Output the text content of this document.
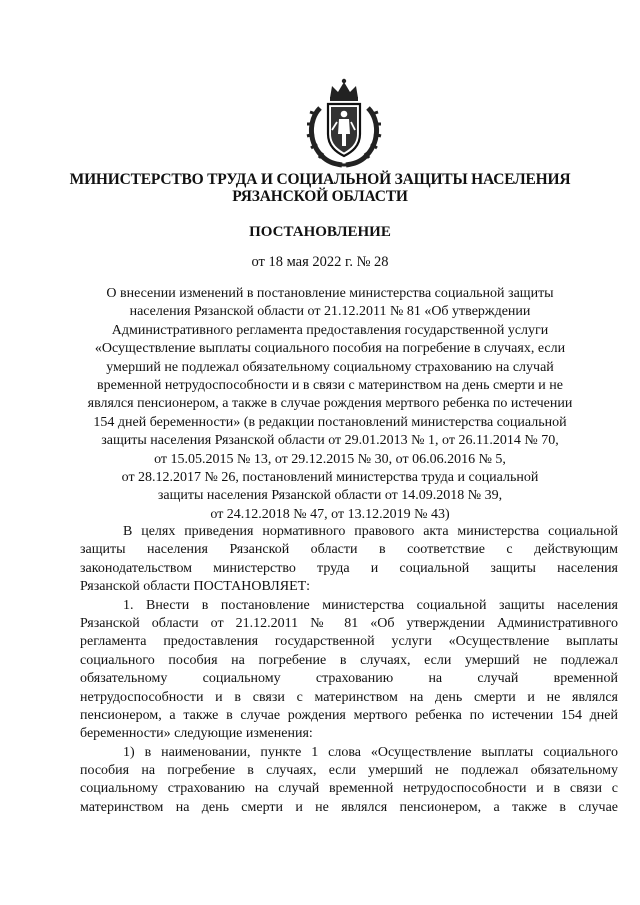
МИНИСТЕРСТВО ТРУДА И СОЦИАЛЬНОЙ ЗАЩИТЫ НАСЕЛЕНИЯ
РЯЗАНСКОЙ ОБЛАСТИ
ПОСТАНОВЛЕНИЕ
от 18 мая 2022 г. № 28
О внесении изменений в постановление министерства социальной защиты
населения Рязанской области от 21.12.2011 № 81 «Об утверждении
Административного регламента предоставления государственной услуги
«Осуществление выплаты социального пособия на погребение в случаях, если
умерший не подлежал обязательному социальному страхованию на случай
временной нетрудоспособности и в связи с материнством на день смерти и не
являлся пенсионером, а также в случае рождения мертвого ребенка по истечении
154 дней беременности» (в редакции постановлений министерства социальной
защиты населения Рязанской области от 29.01.2013 № 1, от 26.11.2014 № 70,
от 15.05.2015 № 13, от 29.12.2015 № 30, от 06.06.2016 № 5,
от 28.12.2017 № 26, постановлений министерства труда и социальной
защиты населения Рязанской области от 14.09.2018 № 39,
от 24.12.2018 № 47, от 13.12.2019 № 43)
В целях приведения нормативного правового акта министерства социальной
защиты населения Рязанской области в соответствие с действующим
законодательством министерство труда и социальной защиты населения
Рязанской области ПОСТАНОВЛЯЕТ:
1. Внести в постановление министерства социальной защиты населения
Рязанской области от 21.12.2011 № 81 «Об утверждении Административного
регламента предоставления государственной услуги «Осуществление выплаты
социального пособия на погребение в случаях, если умерший не подлежал
обязательному социальному страхованию на случай временной
нетрудоспособности и в связи с материнством на день смерти и не являлся
пенсионером, а также в случае рождения мертвого ребенка по истечении 154 дней
беременности» следующие изменения:
1) в наименовании, пункте 1 слова «Осуществление выплаты социального
пособия на погребение в случаях, если умерший не подлежал обязательному
социальному страхованию на случай временной нетрудоспособности и в связи с
материнством на день смерти и не являлся пенсионером, а также в случае
